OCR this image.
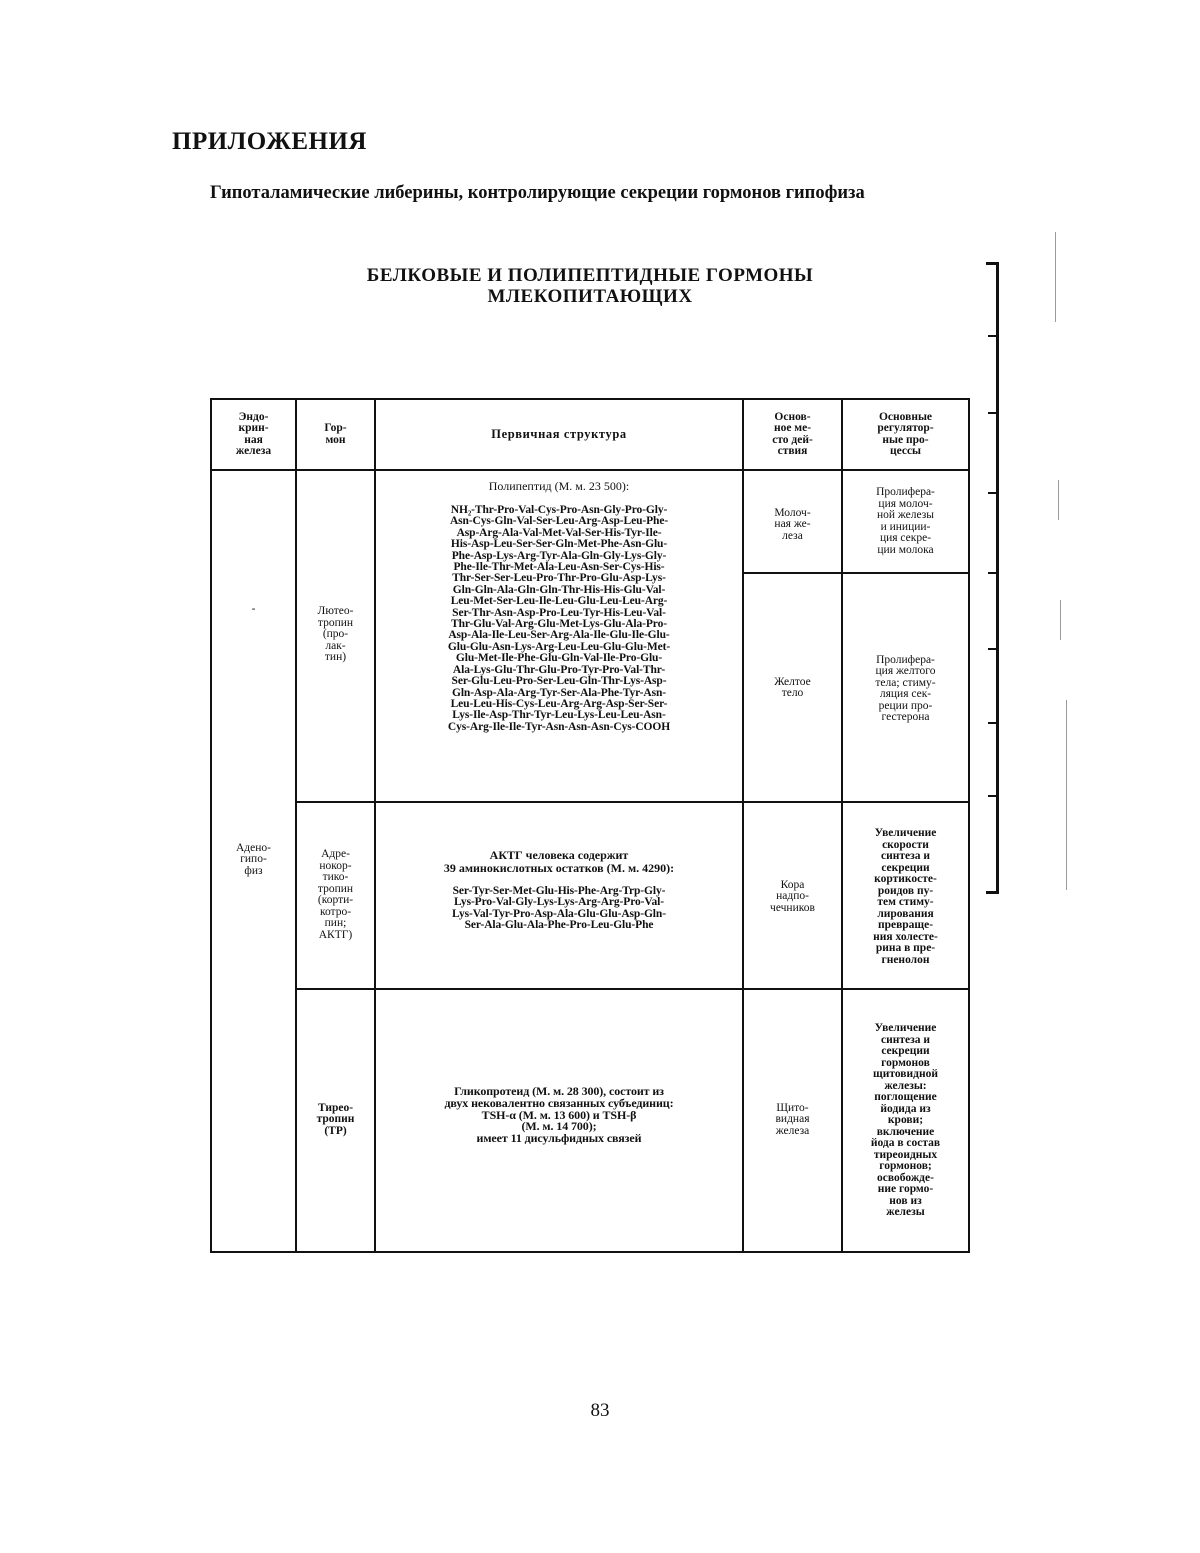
ПРИЛОЖЕНИЯ
Гипоталамические либерины, контролирующие секреции гормонов гипофиза
БЕЛКОВЫЕ И ПОЛИПЕПТИДНЫЕ ГОРМОНЫ
МЛЕКОПИТАЮЩИХ
Эндо-
крин-
ная
железа
Гор-
мон	Первичная структура
Основ-
ное ме-
сто дей-
ствия
Основные
регулятор-
ные про-
цессы
-
Адено-
гипо-
физ
Лютео-
тропин
(про-
лак-
тин)
Полипептид (М. м. 23 500):
NH₂-Thr-Pro-Val-Cys-Pro-Asn-Gly-Pro-Gly-
Asn-Cys-Gln-Val-Ser-Leu-Arg-Asp-Leu-Phe-
Asp-Arg-Ala-Val-Met-Val-Ser-His-Tyr-Ile-
His-Asp-Leu-Ser-Ser-Gln-Met-Phe-Asn-Glu-
Phe-Asp-Lys-Arg-Tyr-Ala-Gln-Gly-Lys-Gly-
Phe-Ile-Thr-Met-Ala-Leu-Asn-Ser-Cys-His-
Thr-Ser-Ser-Leu-Pro-Thr-Pro-Glu-Asp-Lys-
Gln-Gln-Ala-Gln-Gln-Thr-His-His-Glu-Val-
Leu-Met-Ser-Leu-Ile-Leu-Glu-Leu-Leu-Arg-
Ser-Thr-Asn-Asp-Pro-Leu-Tyr-His-Leu-Val-
Thr-Glu-Val-Arg-Glu-Met-Lys-Glu-Ala-Pro-
Asp-Ala-Ile-Leu-Ser-Arg-Ala-Ile-Glu-Ile-Glu-
Glu-Glu-Asn-Lys-Arg-Leu-Leu-Glu-Glu-Met-
Glu-Met-Ile-Phe-Glu-Gln-Val-Ile-Pro-Glu-
Ala-Lys-Glu-Thr-Glu-Pro-Tyr-Pro-Val-Thr-
Ser-Glu-Leu-Pro-Ser-Leu-Gln-Thr-Lys-Asp-
Gln-Asp-Ala-Arg-Tyr-Ser-Ala-Phe-Tyr-Asn-
Leu-Leu-His-Cys-Leu-Arg-Arg-Asp-Ser-Ser-
Lys-Ile-Asp-Thr-Tyr-Leu-Lys-Leu-Leu-Asn-
Cys-Arg-Ile-Ile-Tyr-Asn-Asn-Asn-Cys-COOH
Молоч-
ная же-
леза
Пролифера-
ция молоч-
ной железы
и иниции-
ция секре-
ции молока
Желтое
тело
Пролифера-
ция желтого
тела; стиму-
ляция сек-
реции про-
гестерона
Адре-
нокор-
тико-
тропин
(корти-
котро-
пин;
АКТГ)
АКТГ человека содержит
39 аминокислотных остатков (М. м. 4290):
Ser-Tyr-Ser-Met-Glu-His-Phe-Arg-Trp-Gly-
Lys-Pro-Val-Gly-Lys-Lys-Arg-Arg-Pro-Val-
Lys-Val-Tyr-Pro-Asp-Ala-Glu-Glu-Asp-Gln-
Ser-Ala-Glu-Ala-Phe-Pro-Leu-Glu-Phe
Кора
надпо-
чечников
Увеличение
скорости
синтеза и
секреции
кортикосте-
роидов пу-
тем стиму-
лирования
превраще-
ния холесте-
рина в пре-
гненолон
Тирео-
тропин
(ТР)
Гликопротеид (М. м. 28 300), состоит из
двух нековалентно связанных субъединиц:
ТSН-α (М. м. 13 600) и ТSН-β
(М. м. 14 700);
имеет 11 дисульфидных связей
Щито-
видная
железа
Увеличение
синтеза и
секреции
гормонов
щитовидной
железы:
поглощение
йодида из
крови;
включение
йода в состав
тиреоидных
гормонов;
освобожде-
ние гормо-
нов из
железы
83
